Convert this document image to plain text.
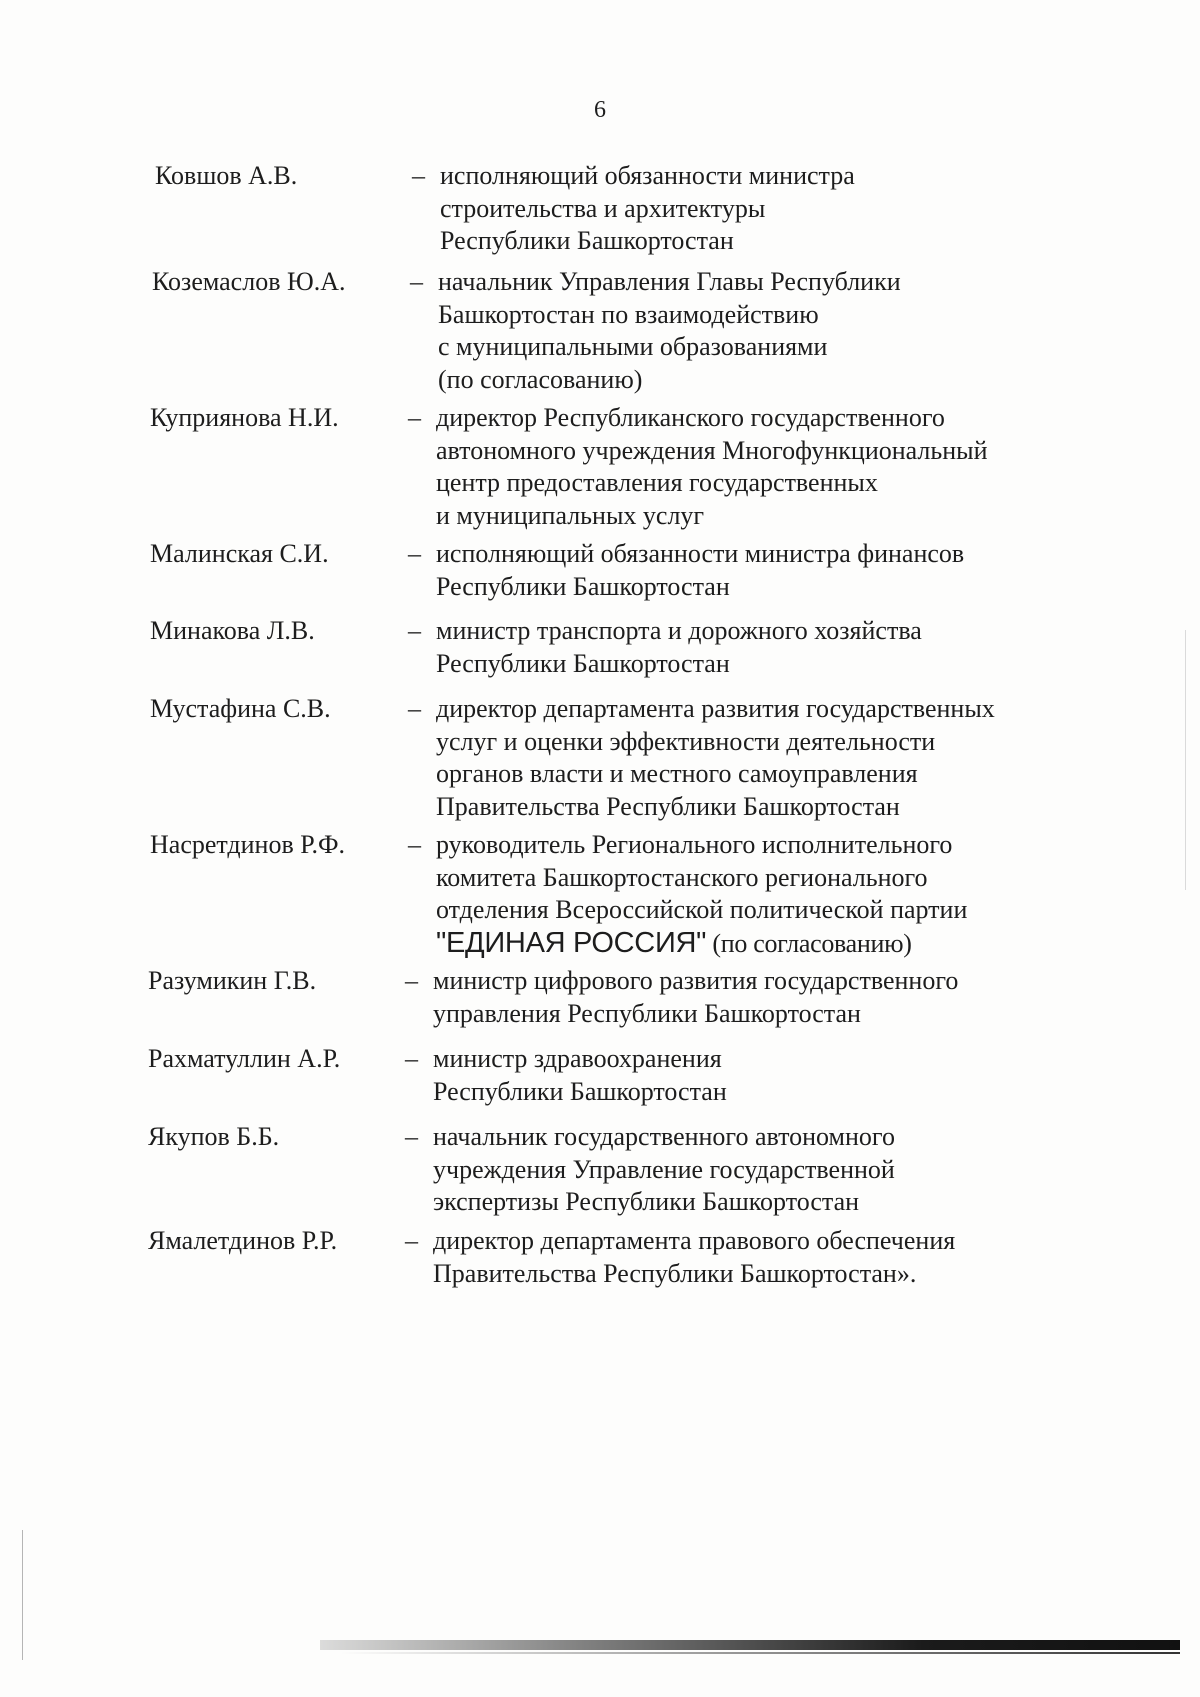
6
Ковшов А.В.	– исполняющий обязанности министра
строительства и архитектуры
Республики Башкортостан
Коземаслов Ю.А. – начальник Управления Главы Республики
Башкортостан по взаимодействию
с муниципальными образованиями
(по согласованию)
Куприянова Н.И.	– директор Республиканского государственного
автономного учреждения Многофункциональный
центр предоставления государственных
и муниципальных услуг
Малинская С.И.	– исполняющий обязанности министра финансов
Республики Башкортостан
Минакова Л.В.	– министр транспорта и дорожного хозяйства
Республики Башкортостан
Мустафина С.В.	– директор департамента развития государственных
услуг и оценки эффективности деятельности
органов власти и местного самоуправления
Правительства Республики Башкортостан
Насретдинов Р.Ф. – руководитель Регионального исполнительного
комитета Башкортостанского регионального
отделения Всероссийской политической партии
"ЕДИНАЯ РОССИЯ" (по согласованию)
Разумикин Г.В.	– министр цифрового развития государственного
управления Республики Башкортостан
Рахматуллин А.Р. – министр здравоохранения
Республики Башкортостан
Якупов Б.Б.	– начальник государственного автономного
учреждения Управление государственной
экспертизы Республики Башкортостан
Ямалетдинов Р.Р.	– директор департамента правового обеспечения
Правительства Республики Башкортостан».
